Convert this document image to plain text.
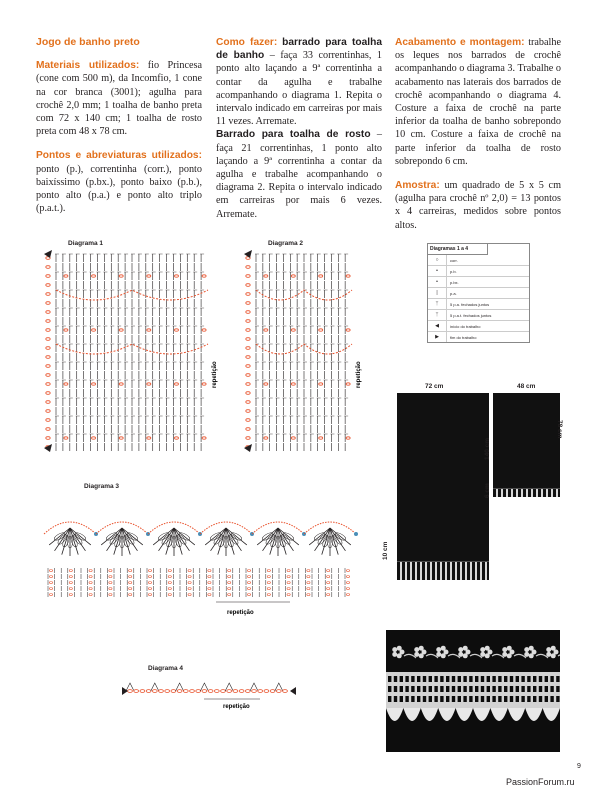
Jogo de banho preto

Materiais utilizados: fio Princesa (cone com 500 m), da Incomfio, 1 cone na cor branca (3001); agulha para crochê 2,0 mm; 1 toalha de banho preta com 72 x 140 cm; 1 toalha de rosto preta com 48 x 78 cm.

Pontos e abreviaturas utilizados: ponto (p.), correntinha (corr.), ponto baixíssimo (p.bx.), ponto baixo (p.b.), ponto alto (p.a.) e ponto alto triplo (p.a.t.).

Como fazer: barrado para toalha de banho – faça 33 correntinhas, 1 ponto alto laçando a 9ª correntinha a contar da agulha e trabalhe acompanhando o diagrama 1. Repita o intervalo indicado em carreiras por mais 11 vezes. Arremate.

Barrado para toalha de rosto – faça 21 correntinhas, 1 ponto alto laçando a 9ª correntinha a contar da agulha e trabalhe acompanhando o diagrama 2. Repita o intervalo indicado em carreiras por mais 6 vezes. Arremate.

Acabamento e montagem: trabalhe os leques nos barrados de crochê acompanhando o diagrama 3. Trabalhe o acabamento nas laterais dos barrados de crochê acompanhando o diagrama 4. Costure a faixa de crochê na parte inferior da toalha de banho sobrepondo 10 cm. Costure a faixa de crochê na parte inferior da toalha de rosto sobrepondo 6 cm.

Amostra: um quadrado de 5 x 5 cm (agulha para crochê nº 2,0) = 13 pontos x 4 carreiras, medidos sobre pontos altos.

Diagrama 1
repetição
Diagrama 2
repetição
Diagrama 3
repetição
Diagrama 4
repetição
Diagramas 1 a 4
○	corr.
•	p.b.
•	p.bx.
|	p.a.
ᛉ	5 p.a. fechados juntos
ᛉ	5 p.a.t. fechados juntos
◀	início do trabalho
▶	fim do trabalho
72 cm	48 cm
10 cm
6 cm
140 cm
78 cm
9
PassionForum.ru
